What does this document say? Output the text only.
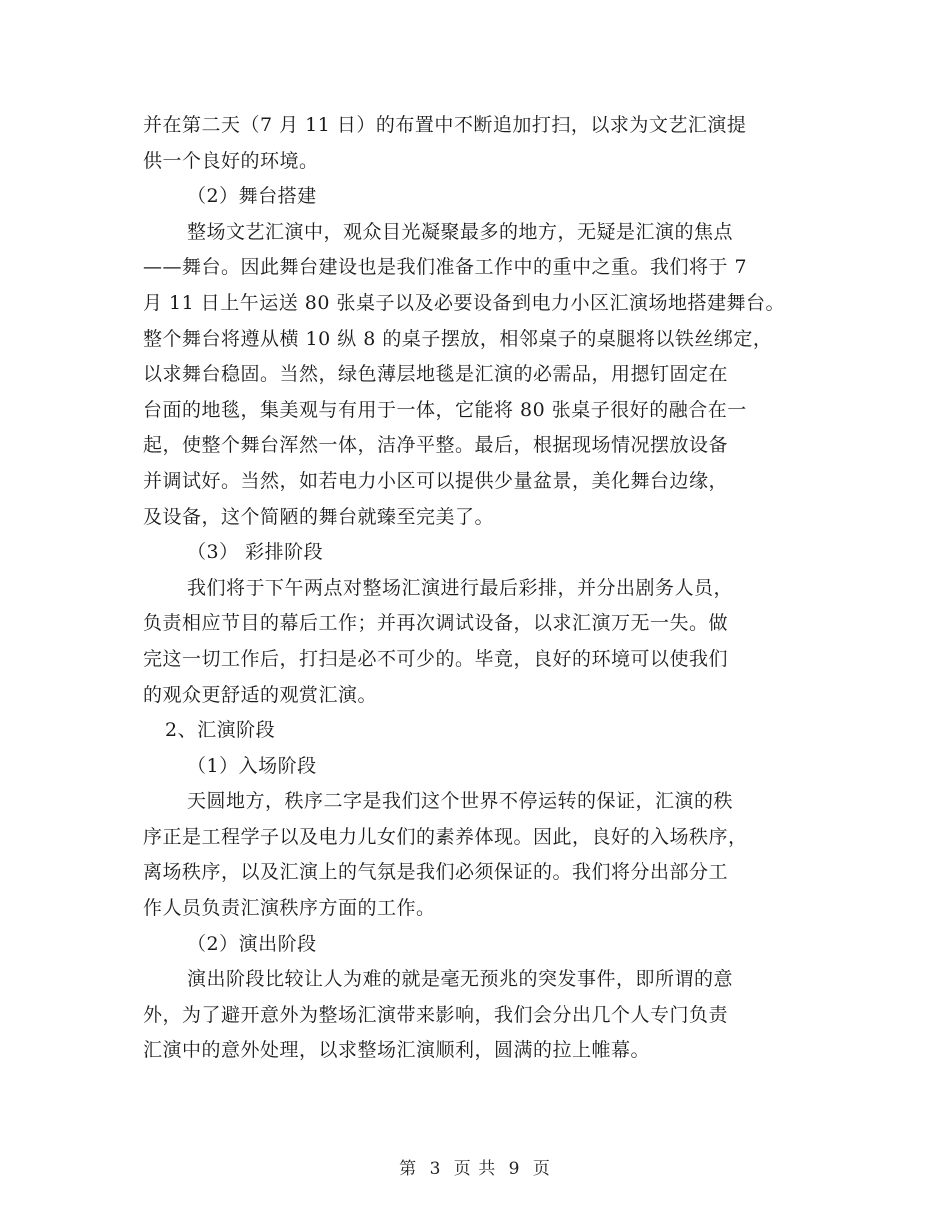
并在第二天（7 月 11 日）的布置中不断追加打扫，以求为文艺汇演提
供一个良好的环境。
（2）舞台搭建
整场文艺汇演中，观众目光凝聚最多的地方，无疑是汇演的焦点
——舞台。因此舞台建设也是我们准备工作中的重中之重。我们将于 7
月 11 日上午运送 80 张桌子以及必要设备到电力小区汇演场地搭建舞台。
整个舞台将遵从横 10 纵 8 的桌子摆放，相邻桌子的桌腿将以铁丝绑定，
以求舞台稳固。当然，绿色薄层地毯是汇演的必需品，用摁钉固定在
台面的地毯，集美观与有用于一体，它能将 80 张桌子很好的融合在一
起，使整个舞台浑然一体，洁净平整。最后，根据现场情况摆放设备
并调试好。当然，如若电力小区可以提供少量盆景，美化舞台边缘，
及设备，这个简陋的舞台就臻至完美了。
（3） 彩排阶段
我们将于下午两点对整场汇演进行最后彩排，并分出剧务人员，
负责相应节目的幕后工作；并再次调试设备，以求汇演万无一失。做
完这一切工作后，打扫是必不可少的。毕竟，良好的环境可以使我们
的观众更舒适的观赏汇演。
2、汇演阶段
（1）入场阶段
天圆地方，秩序二字是我们这个世界不停运转的保证，汇演的秩
序正是工程学子以及电力儿女们的素养体现。因此，良好的入场秩序，
离场秩序，以及汇演上的气氛是我们必须保证的。我们将分出部分工
作人员负责汇演秩序方面的工作。
（2）演出阶段
演出阶段比较让人为难的就是毫无预兆的突发事件，即所谓的意
外，为了避开意外为整场汇演带来影响，我们会分出几个人专门负责
汇演中的意外处理，以求整场汇演顺利，圆满的拉上帷幕。
第 3 页 共 9 页
